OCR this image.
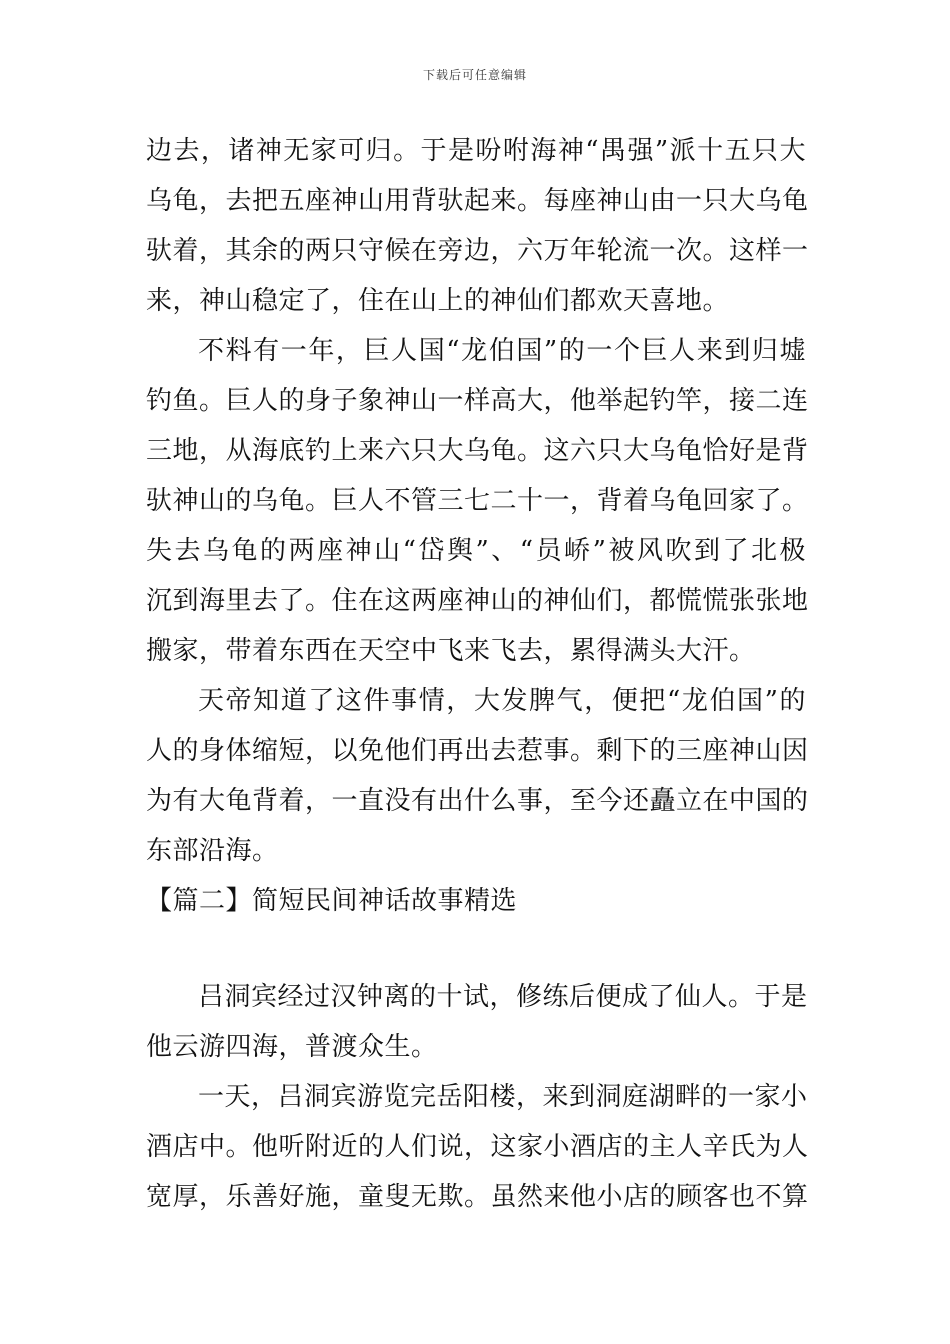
下载后可任意编辑
边去，诸神无家可归。于是吩咐海神“禺强”派十五只大
乌龟，去把五座神山用背驮起来。每座神山由一只大乌龟
驮着，其余的两只守候在旁边，六万年轮流一次。这样一
来，神山稳定了，住在山上的神仙们都欢天喜地。
不料有一年，巨人国“龙伯国”的一个巨人来到归墟
钓鱼。巨人的身子象神山一样高大，他举起钓竿，接二连
三地，从海底钓上来六只大乌龟。这六只大乌龟恰好是背
驮神山的乌龟。巨人不管三七二十一，背着乌龟回家了。
失去乌龟的两座神山“岱舆”、“员峤”被风吹到了北极
沉到海里去了。住在这两座神山的神仙们，都慌慌张张地
搬家，带着东西在天空中飞来飞去，累得满头大汗。
天帝知道了这件事情，大发脾气，便把“龙伯国”的
人的身体缩短，以免他们再出去惹事。剩下的三座神山因
为有大龟背着，一直没有出什么事，至今还矗立在中国的
东部沿海。
【篇二】简短民间神话故事精选
吕洞宾经过汉钟离的十试，修练后便成了仙人。于是
他云游四海，普渡众生。
一天，吕洞宾游览完岳阳楼，来到洞庭湖畔的一家小
酒店中。他听附近的人们说，这家小酒店的主人辛氏为人
宽厚，乐善好施，童叟无欺。虽然来他小店的顾客也不算
